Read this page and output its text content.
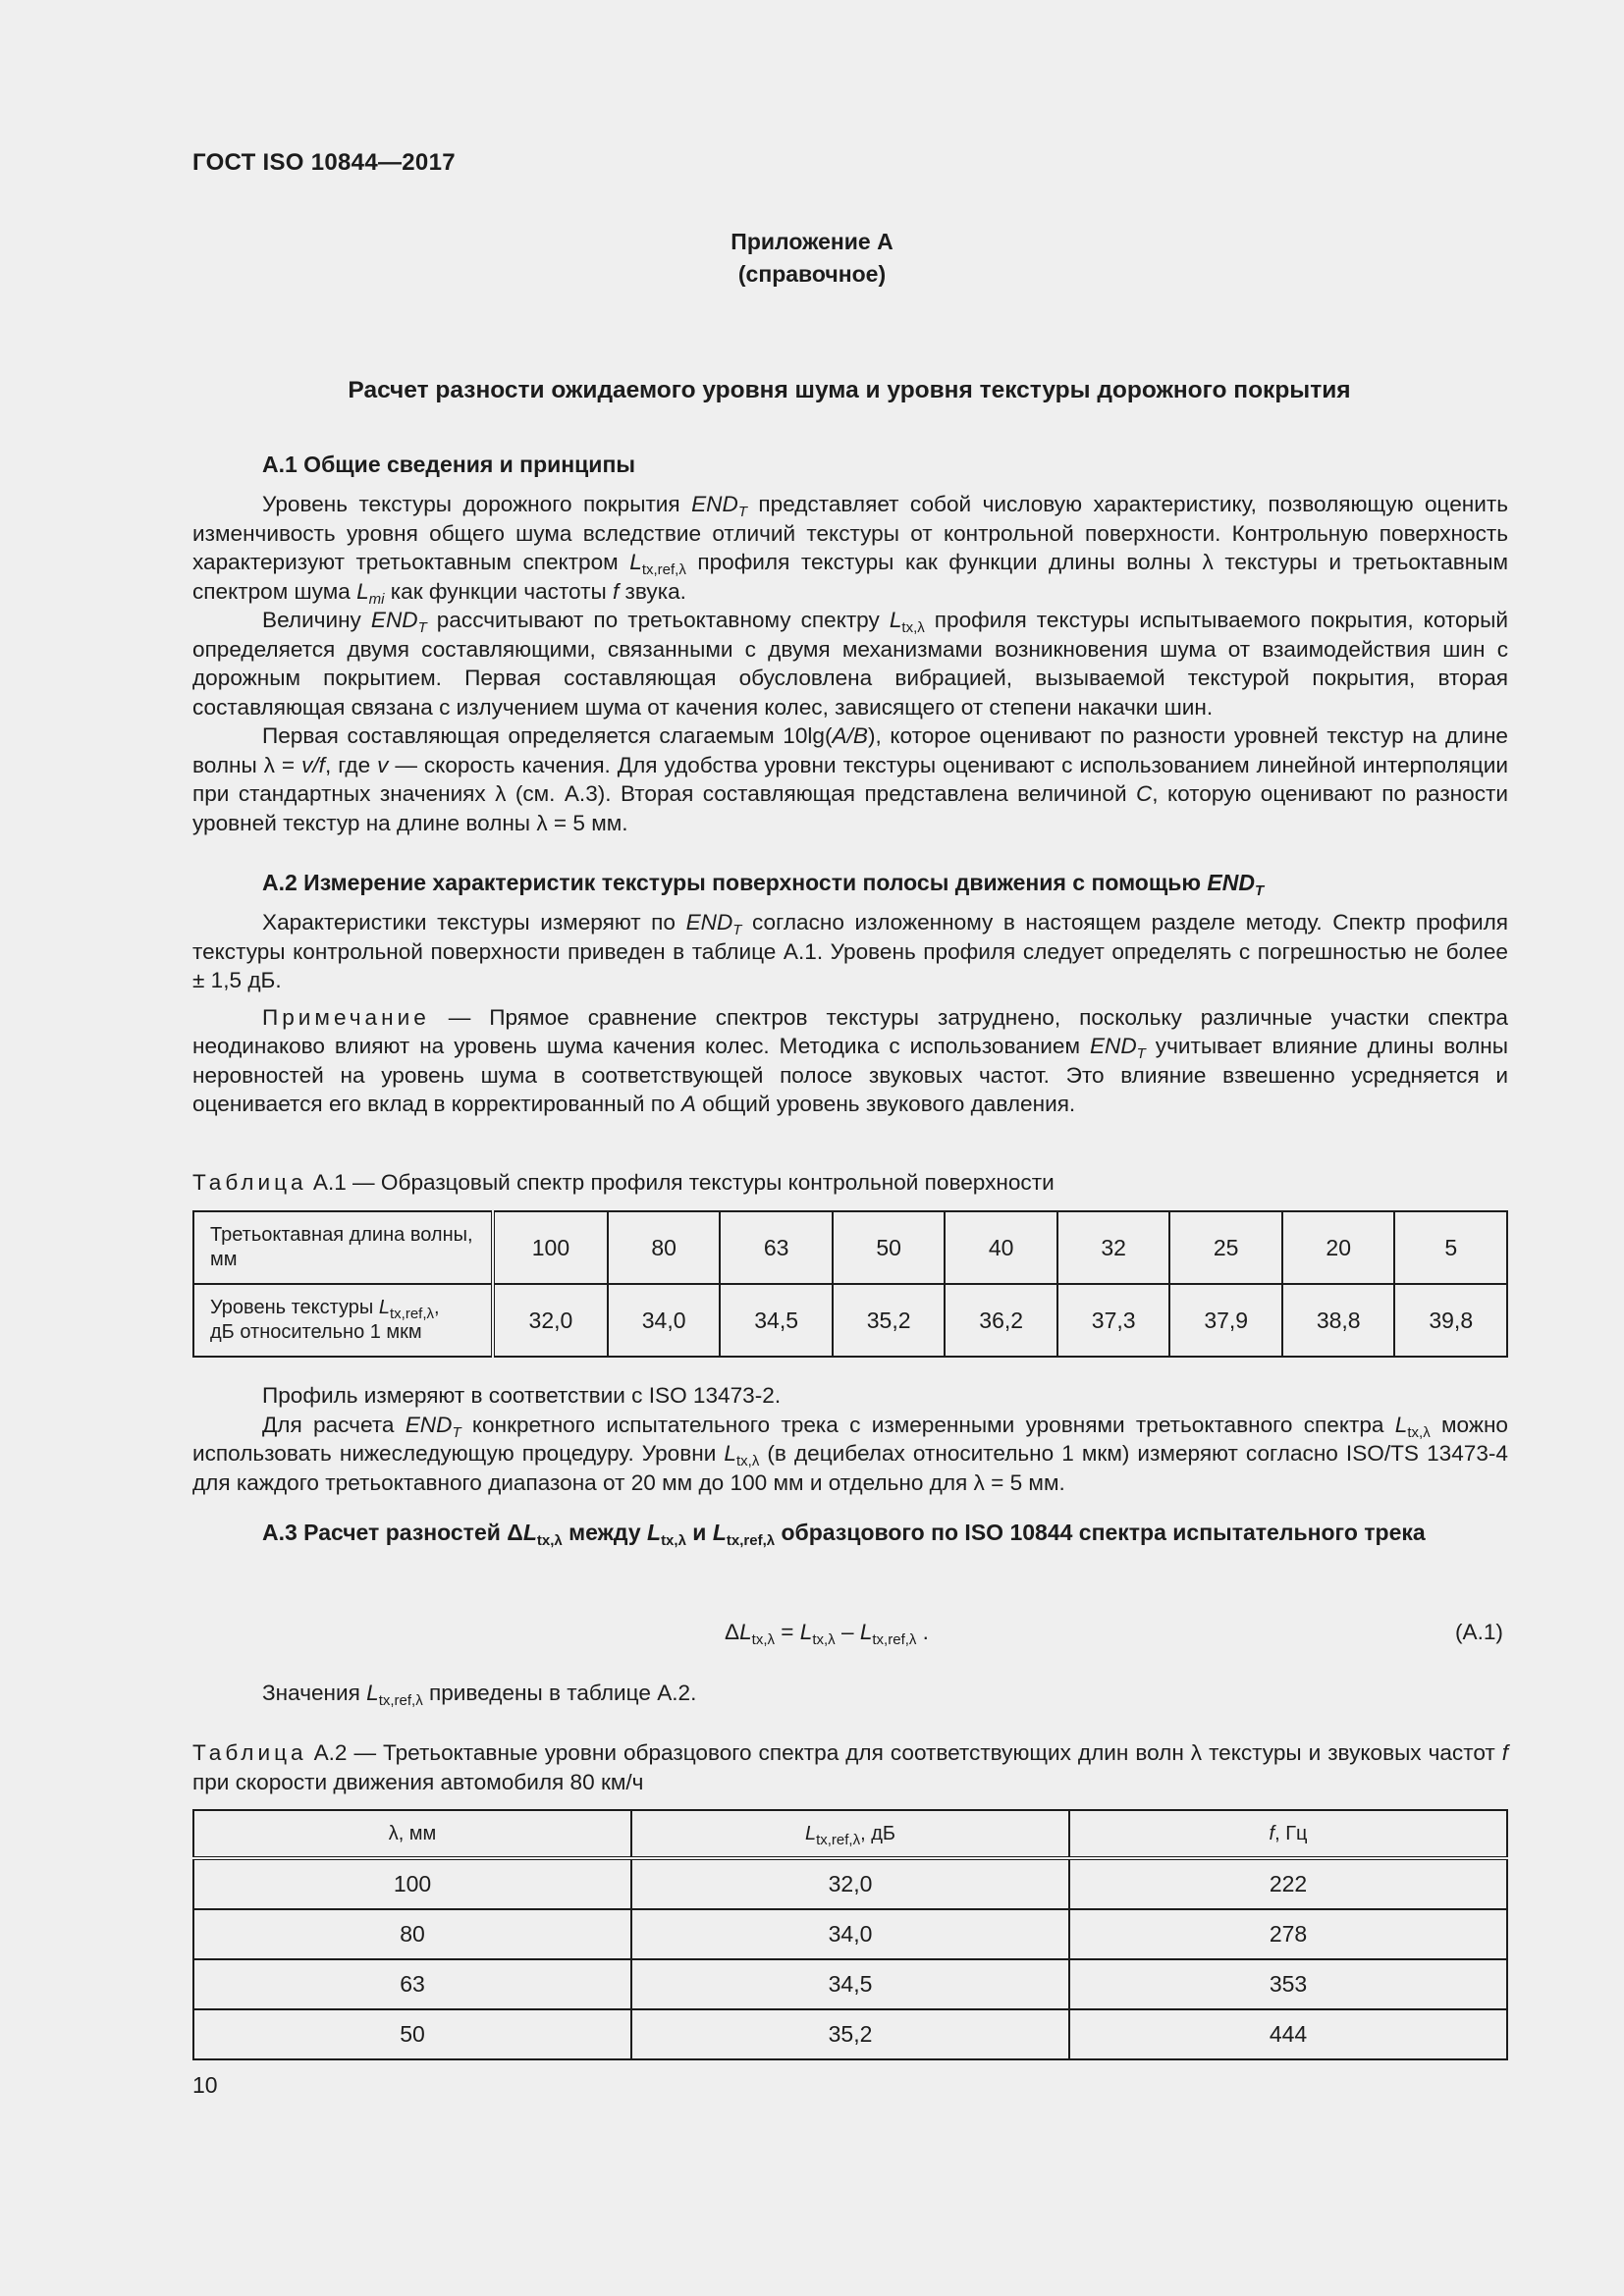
ГОСТ ISO 10844—2017
Приложение А
(справочное)
Расчет разности ожидаемого уровня шума и уровня текстуры дорожного покрытия
А.1 Общие сведения и принципы

Уровень текстуры дорожного покрытия $END_T$ представляет собой числовую характеристику, позволяющую оценить изменчивость уровня общего шума вследствие отличий текстуры от контрольной поверхности. Контрольную поверхность характеризуют третьоктавным спектром $L_{tx,ref,\lambda}$ профиля текстуры как функции длины волны λ текстуры и третьоктавным спектром шума $L_{mi}$ как функции частоты f звука.

Величину $END_T$ рассчитывают по третьоктавному спектру $L_{tx,\lambda}$ профиля текстуры испытываемого покрытия, который определяется двумя составляющими, связанными с двумя механизмами возникновения шума от взаимодействия шин с дорожным покрытием. Первая составляющая обусловлена вибрацией, вызываемой текстурой покрытия, вторая составляющая связана с излучением шума от качения колес, зависящего от степени накачки шин.

Первая составляющая определяется слагаемым 10lg(A/B), которое оценивают по разности уровней текстур на длине волны λ = v/f, где v — скорость качения. Для удобства уровни текстуры оценивают с использованием линейной интерполяции при стандартных значениях λ (см. А.3). Вторая составляющая представлена величиной C, которую оценивают по разности уровней текстур на длине волны λ = 5 мм.

А.2 Измерение характеристик текстуры поверхности полосы движения с помощью $END_T$

Характеристики текстуры измеряют по $END_T$ согласно изложенному в настоящем разделе методу. Спектр профиля текстуры контрольной поверхности приведен в таблице А.1. Уровень профиля следует определять с погрешностью не более ± 1,5 дБ.

Примечание — Прямое сравнение спектров текстуры затруднено, поскольку различные участки спектра неодинаково влияют на уровень шума качения колес. Методика с использованием $END_T$ учитывает влияние длины волны неровностей на уровень шума в соответствующей полосе звуковых частот. Это влияние взвешенно усредняется и оценивается его вклад в корректированный по А общий уровень звукового давления.

Таблица А.1 — Образцовый спектр профиля текстуры контрольной поверхности
Третьоктавная длина волны, мм	100	80	63	50	40	32	25	20	5
Уровень текстуры $L_{tx,ref,\lambda}$,
дБ относительно 1 мкм	32,0	34,0	34,5	35,2	36,2	37,3	37,9	38,8	39,8

Профиль измеряют в соответствии с ISO 13473-2.

Для расчета $END_T$ конкретного испытательного трека с измеренными уровнями третьоктавного спектра $L_{tx,\lambda}$ можно использовать нижеследующую процедуру. Уровни $L_{tx,\lambda}$ (в децибелах относительно 1 мкм) измеряют согласно ISO/TS 13473-4 для каждого третьоктавного диапазона от 20 мм до 100 мм и отдельно для λ = 5 мм.

А.3 Расчет разностей $\Delta L_{tx,\lambda}$ между $L_{tx,\lambda}$ и $L_{tx,ref,\lambda}$ образцового по ISO 10844 спектра испытательного трека

$\Delta L_{tx,\lambda} = L_{tx,\lambda} - L_{tx,ref,\lambda}$ .	(А.1)

Значения $L_{tx,ref,\lambda}$ приведены в таблице А.2.

Таблица А.2 — Третьоктавные уровни образцового спектра для соответствующих длин волн λ текстуры и звуковых частот f при скорости движения автомобиля 80 км/ч
λ, мм	$L_{tx,ref,\lambda}$, дБ	f, Гц
100	32,0	222
80	34,0	278
63	34,5	353
50	35,2	444
10
